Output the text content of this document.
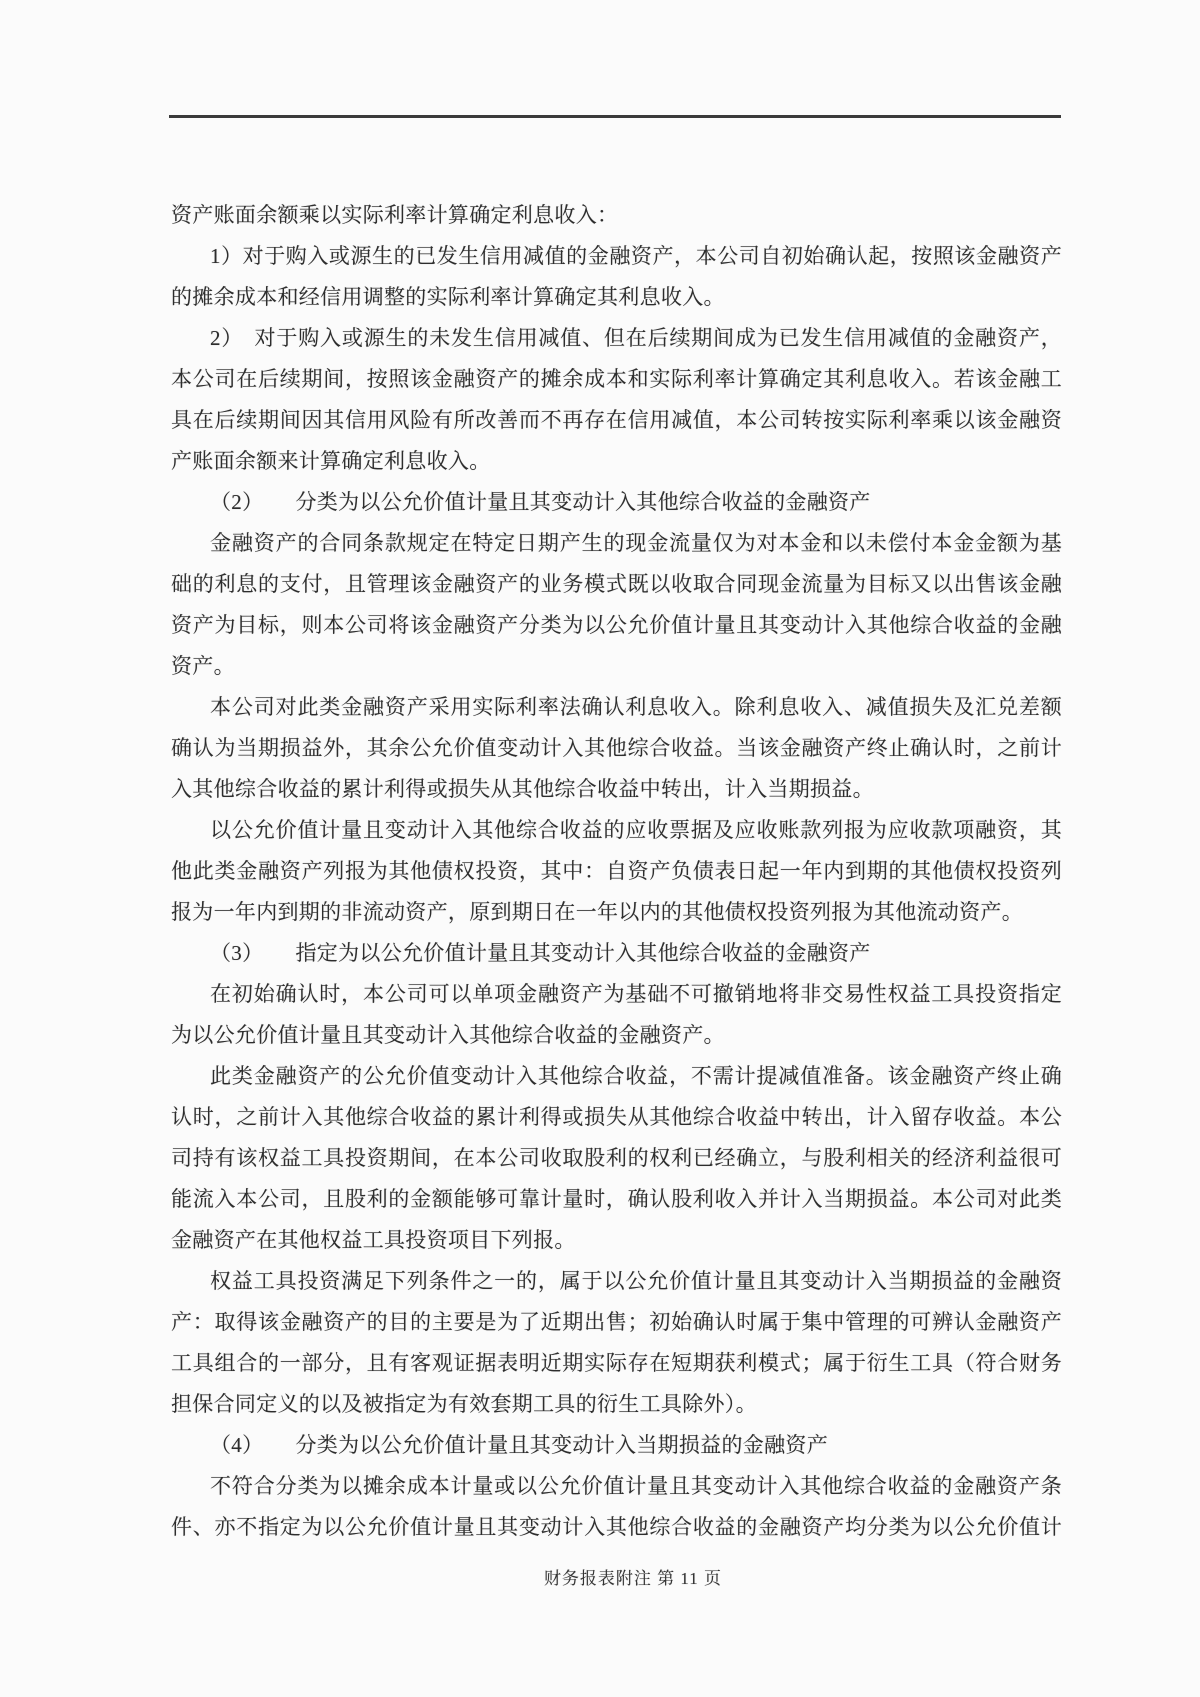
资产账面余额乘以实际利率计算确定利息收入：
1）对于购入或源生的已发生信用减值的金融资产，本公司自初始确认起，按照该金融资产
的摊余成本和经信用调整的实际利率计算确定其利息收入。
2）　对于购入或源生的未发生信用减值、但在后续期间成为已发生信用减值的金融资产，
本公司在后续期间，按照该金融资产的摊余成本和实际利率计算确定其利息收入。若该金融工
具在后续期间因其信用风险有所改善而不再存在信用减值，本公司转按实际利率乘以该金融资
产账面余额来计算确定利息收入。
（2）　　分类为以公允价值计量且其变动计入其他综合收益的金融资产
金融资产的合同条款规定在特定日期产生的现金流量仅为对本金和以未偿付本金金额为基
础的利息的支付，且管理该金融资产的业务模式既以收取合同现金流量为目标又以出售该金融
资产为目标，则本公司将该金融资产分类为以公允价值计量且其变动计入其他综合收益的金融
资产。
本公司对此类金融资产采用实际利率法确认利息收入。除利息收入、减值损失及汇兑差额
确认为当期损益外，其余公允价值变动计入其他综合收益。当该金融资产终止确认时，之前计
入其他综合收益的累计利得或损失从其他综合收益中转出，计入当期损益。
以公允价值计量且变动计入其他综合收益的应收票据及应收账款列报为应收款项融资，其
他此类金融资产列报为其他债权投资，其中：自资产负债表日起一年内到期的其他债权投资列
报为一年内到期的非流动资产，原到期日在一年以内的其他债权投资列报为其他流动资产。
（3）　　指定为以公允价值计量且其变动计入其他综合收益的金融资产
在初始确认时，本公司可以单项金融资产为基础不可撤销地将非交易性权益工具投资指定
为以公允价值计量且其变动计入其他综合收益的金融资产。
此类金融资产的公允价值变动计入其他综合收益，不需计提减值准备。该金融资产终止确
认时，之前计入其他综合收益的累计利得或损失从其他综合收益中转出，计入留存收益。本公
司持有该权益工具投资期间，在本公司收取股利的权利已经确立，与股利相关的经济利益很可
能流入本公司，且股利的金额能够可靠计量时，确认股利收入并计入当期损益。本公司对此类
金融资产在其他权益工具投资项目下列报。
权益工具投资满足下列条件之一的，属于以公允价值计量且其变动计入当期损益的金融资
产：取得该金融资产的目的主要是为了近期出售；初始确认时属于集中管理的可辨认金融资产
工具组合的一部分，且有客观证据表明近期实际存在短期获利模式；属于衍生工具（符合财务
担保合同定义的以及被指定为有效套期工具的衍生工具除外）。
（4）　　分类为以公允价值计量且其变动计入当期损益的金融资产
不符合分类为以摊余成本计量或以公允价值计量且其变动计入其他综合收益的金融资产条
件、亦不指定为以公允价值计量且其变动计入其他综合收益的金融资产均分类为以公允价值计
财务报表附注 第 11 页
